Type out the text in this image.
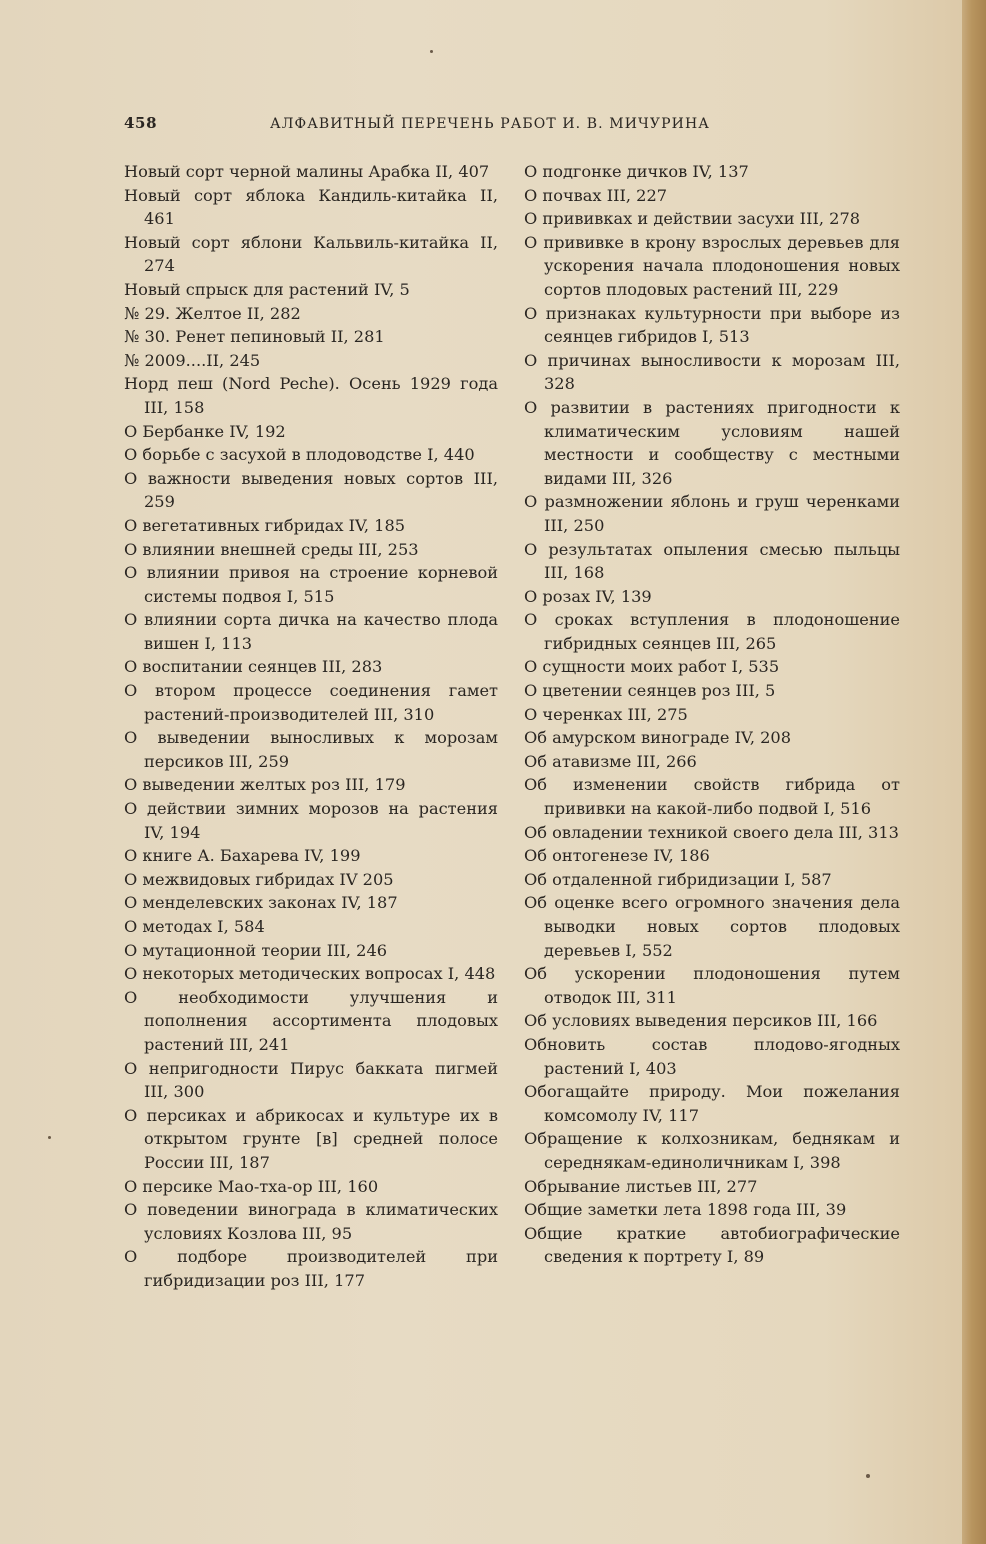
458	АЛФАВИТНЫЙ ПЕРЕЧЕНЬ РАБОТ И. В. МИЧУРИНА
Новый сорт черной малины Арабка II, 407
Новый сорт яблока Кандиль-китайка II, 461
Новый сорт яблони Кальвиль-китайка II, 274
Новый спрыск для растений IV, 5
№ 29. Желтое II, 282
№ 30. Ренет пепиновый II, 281
№ 2009....II, 245
Норд пеш (Nord Peche). Осень 1929 года III, 158
О Бербанке IV, 192
О борьбе с засухой в плодоводстве I, 440
О важности выведения новых сортов III, 259
О вегетативных гибридах IV, 185
О влиянии внешней среды III, 253
О влиянии привоя на строение корневой системы подвоя I, 515
О влиянии сорта дичка на качество плода вишен I, 113
О воспитании сеянцев III, 283
О втором процессе соединения гамет растений-производителей III, 310
О выведении выносливых к морозам персиков III, 259
О выведении желтых роз III, 179
О действии зимних морозов на растения IV, 194
О книге А. Бахарева IV, 199
О межвидовых гибридах IV 205
О менделевских законах IV, 187
О методах I, 584
О мутационной теории III, 246
О некоторых методических вопросах I, 448
О необходимости улучшения и пополнения ассортимента плодовых растений III, 241
О непригодности Пирус бакката пигмей III, 300
О персиках и абрикосах и культуре их в открытом грунте [в] средней полосе России III, 187
О персике Мао-тха-ор III, 160
О поведении винограда в климатических условиях Козлова III, 95
О подборе производителей при гибридизации роз III, 177
О подгонке дичков IV, 137
О почвах III, 227
О прививках и действии засухи III, 278
О прививке в крону взрослых деревьев для ускорения начала плодоношения новых сортов плодовых растений III, 229
О признаках культурности при выборе из сеянцев гибридов I, 513
О причинах выносливости к морозам III, 328
О развитии в растениях пригодности к климатическим условиям нашей местности и сообществу с местными видами III, 326
О размножении яблонь и груш черенками III, 250
О результатах опыления смесью пыльцы III, 168
О розах IV, 139
О сроках вступления в плодоношение гибридных сеянцев III, 265
О сущности моих работ I, 535
О цветении сеянцев роз III, 5
О черенках III, 275
Об амурском винограде IV, 208
Об атавизме III, 266
Об изменении свойств гибрида от прививки на какой-либо подвой I, 516
Об овладении техникой своего дела III, 313
Об онтогенезе IV, 186
Об отдаленной гибридизации I, 587
Об оценке всего огромного значения дела выводки новых сортов плодовых деревьев I, 552
Об ускорении плодоношения путем отводок III, 311
Об условиях выведения персиков III, 166
Обновить состав плодово-ягодных растений I, 403
Обогащайте природу. Мои пожелания комсомолу IV, 117
Обращение к колхозникам, беднякам и середнякам-единоличникам I, 398
Обрывание листьев III, 277
Общие заметки лета 1898 года III, 39
Общие краткие автобиографические сведения к портрету I, 89
